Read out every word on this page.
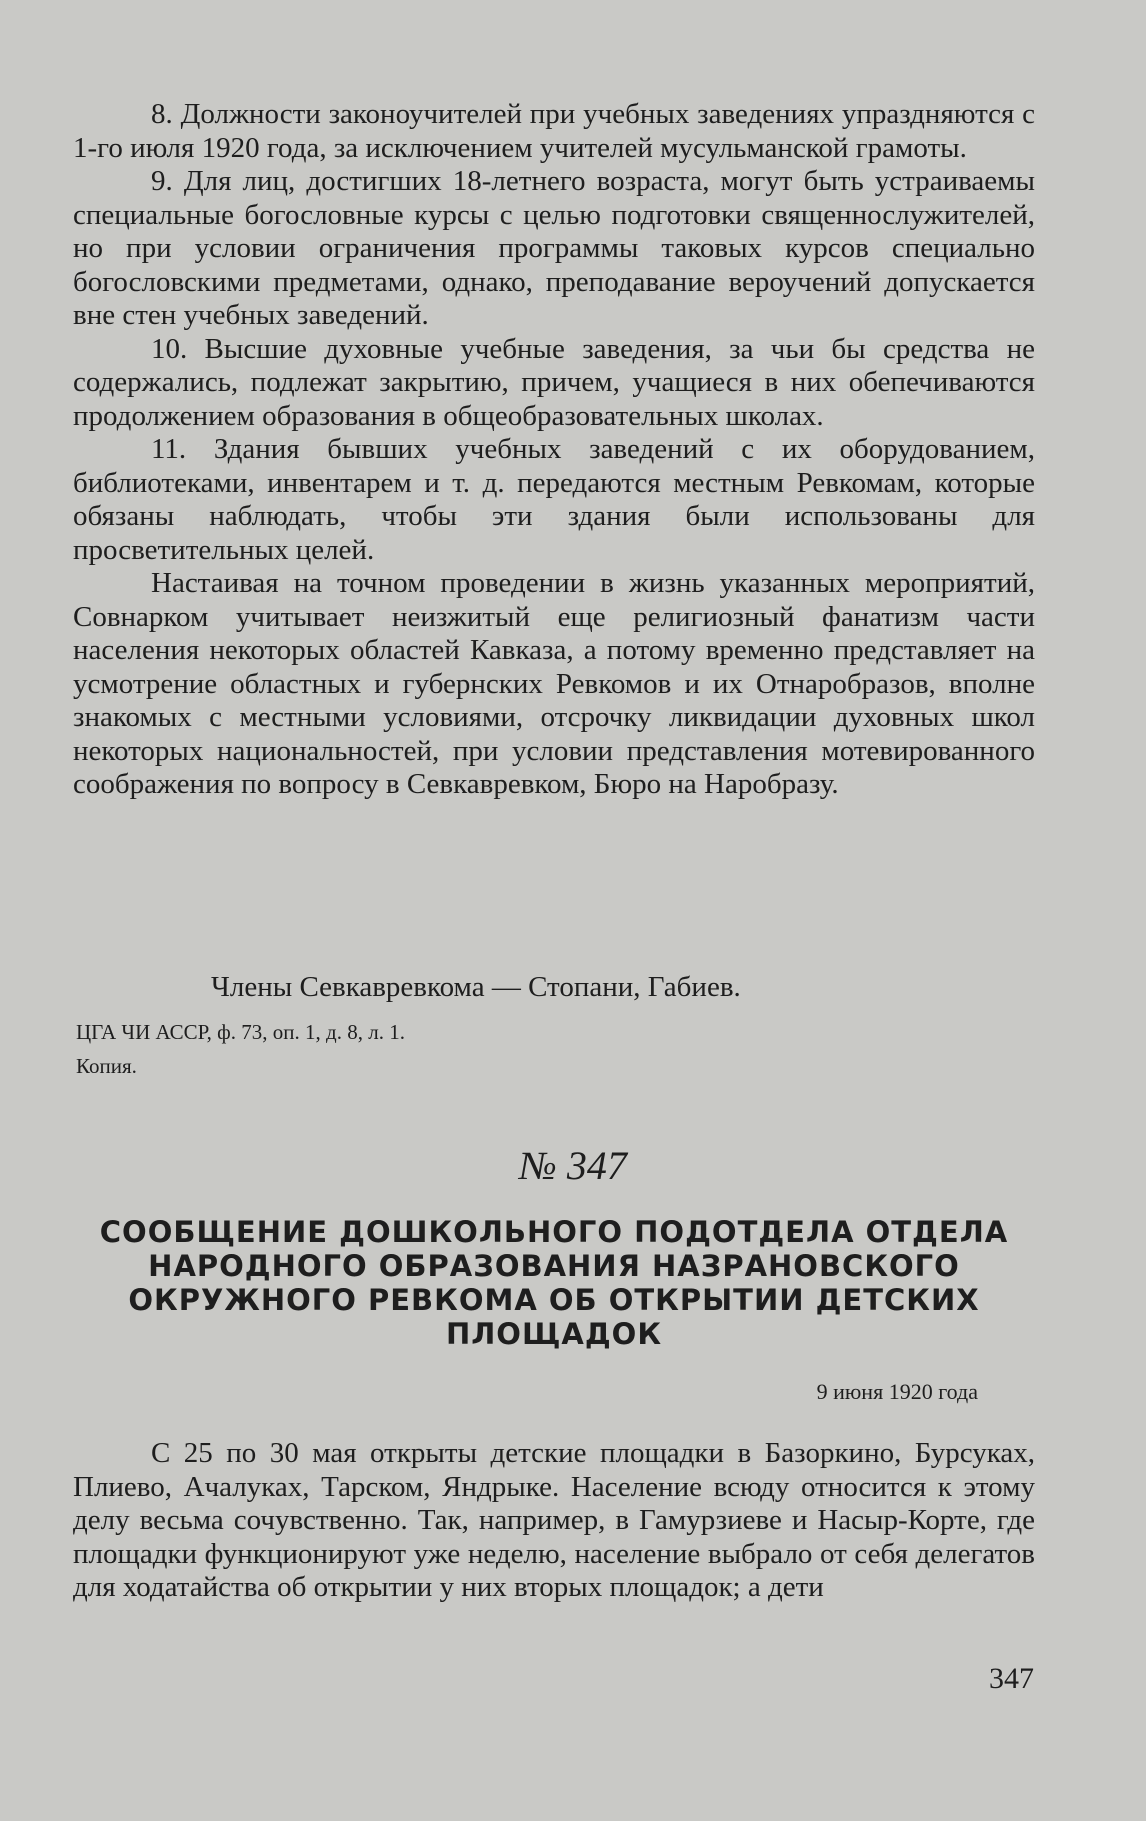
8. Должности законоучителей при учебных заведениях упраздняются с 1-го июля 1920 года, за исключением учителей мусульманской грамоты.

9. Для лиц, достигших 18-летнего возраста, могут быть устраиваемы специальные богословные курсы с целью подготовки священнослужителей, но при условии ограничения программы таковых курсов специально богословскими предметами, однако, преподавание вероучений допускается вне стен учебных заведений.

10. Высшие духовные учебные заведения, за чьи бы средства не содержались, подлежат закрытию, причем, учащиеся в них обепечиваются продолжением образования в общеобразовательных школах.

11. Здания бывших учебных заведений с их оборудованием, библиотеками, инвентарем и т. д. передаются местным Ревкомам, которые обязаны наблюдать, чтобы эти здания были использованы для просветительных целей.

Настаивая на точном проведении в жизнь указанных мероприятий, Совнарком учитывает неизжитый еще религиозный фанатизм части населения некоторых областей Кавказа, а потому временно представляет на усмотрение областных и губернских Ревкомов и их Отнаробразов, вполне знакомых с местными условиями, отсрочку ликвидации духовных школ некоторых национальностей, при условии представления мотевированного соображения по вопросу в Севкавревком, Бюро на Наробразу.

Члены Севкавревкома — Стопани, Габиев.
ЦГА ЧИ АССР, ф. 73, оп. 1, д. 8, л. 1.
Копия.
№ 347
СООБЩЕНИЕ ДОШКОЛЬНОГО ПОДОТДЕЛА ОТДЕЛА
НАРОДНОГО ОБРАЗОВАНИЯ НАЗРАНОВСКОГО
ОКРУЖНОГО РЕВКОМА ОБ ОТКРЫТИИ ДЕТСКИХ
ПЛОЩАДОК
9 июня 1920 года

С 25 по 30 мая открыты детские площадки в Базоркино, Бурсуках, Плиево, Ачалуках, Тарском, Яндрыке. Население всюду относится к этому делу весьма сочувственно. Так, например, в Гамурзиеве и Насыр-Корте, где площадки функционируют уже неделю, население выбрало от себя делегатов для ходатайства об открытии у них вторых площадок; а дети

347
